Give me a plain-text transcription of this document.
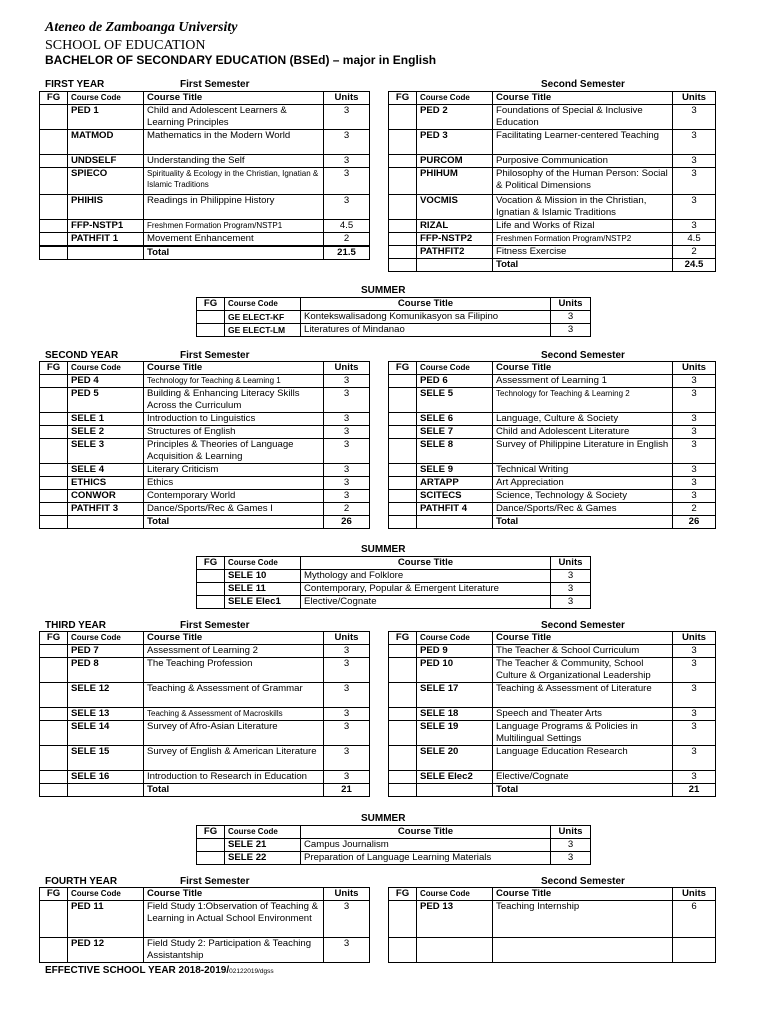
Ateneo de Zamboanga University
SCHOOL OF EDUCATION
BACHELOR OF SECONDARY EDUCATION (BSEd) – major in English
FIRST YEAR	First Semester	Second Semester
FG	Course Code	Course Title	Units
	PED 1	Child and Adolescent Learners & Learning Principles	3
	MATMOD	Mathematics in the Modern World	3
	UNDSELF	Understanding the Self	3
	SPIECO	Spirituality & Ecology in the Christian, Ignatian & Islamic Traditions	3
	PHIHIS	Readings in Philippine History	3
	FFP-NSTP1	Freshmen Formation Program/NSTP1	4.5
	PATHFIT 1	Movement Enhancement	2

		Total	21.5
FG	Course Code	Course Title	Units
	PED 2	Foundations of Special & Inclusive Education	3
	PED 3	Facilitating Learner-centered Teaching	3
	PURCOM	Purposive Communication	3
	PHIHUM	Philosophy of the Human Person: Social & Political Dimensions	3
	VOCMIS	Vocation & Mission in the Christian, Ignatian & Islamic Traditions	3
	RIZAL	Life and Works of Rizal	3
	FFP-NSTP2	Freshmen Formation Program/NSTP2	4.5
	PATHFIT2	Fitness Exercise	2
		Total	24.5
SUMMER
FG	Course Code	Course Title	Units
	GE ELECT-KF	Kontekswalisadong Komunikasyon sa Filipino	3
	GE ELECT-LM	Literatures of Mindanao	3
SECOND YEAR	First Semester	Second Semester
FG	Course Code	Course Title	Units
	PED 4	Technology for Teaching & Learning 1	3
	PED 5	Building & Enhancing Literacy Skills Across the Curriculum	3
	SELE 1	Introduction to Linguistics	3
	SELE 2	Structures of English	3
	SELE 3	Principles & Theories of Language Acquisition & Learning	3
	SELE 4	Literary Criticism	3
	ETHICS	Ethics	3
	CONWOR	Contemporary World	3
	PATHFIT 3	Dance/Sports/Rec & Games I	2
		Total	26
FG	Course Code	Course Title	Units
	PED 6	Assessment of Learning 1	3
	SELE 5	Technology for Teaching & Learning 2	3
	SELE 6	Language, Culture & Society	3
	SELE 7	Child and Adolescent Literature	3
	SELE 8	Survey of Philippine Literature in English	3
	SELE 9	Technical Writing	3
	ARTAPP	Art Appreciation	3
	SCITECS	Science, Technology & Society	3
	PATHFIT 4	Dance/Sports/Rec & Games	2
		Total	26
SUMMER
FG	Course Code	Course Title	Units
	SELE 10	Mythology and Folklore	3
	SELE 11	Contemporary, Popular & Emergent Literature	3
	SELE Elec1	Elective/Cognate	3
THIRD YEAR	First Semester	Second Semester
FG	Course Code	Course Title	Units
	PED 7	Assessment of Learning 2	3
	PED 8	The Teaching Profession	3
	SELE 12	Teaching & Assessment of Grammar	3
	SELE 13	Teaching & Assessment of Macroskills	3
	SELE 14	Survey of Afro-Asian Literature	3
	SELE 15	Survey of English & American Literature	3
	SELE 16	Introduction to Research in Education	3
		Total	21
FG	Course Code	Course Title	Units
	PED 9	The Teacher & School Curriculum	3
	PED 10	The Teacher & Community, School Culture & Organizational Leadership	3
	SELE 17	Teaching & Assessment of Literature	3
	SELE 18	Speech and Theater Arts	3
	SELE 19	Language Programs & Policies in Multilingual Settings	3
	SELE 20	Language Education Research	3
	SELE Elec2	Elective/Cognate	3
		Total	21
SUMMER
FG	Course Code	Course Title	Units
	SELE 21	Campus Journalism	3
	SELE 22	Preparation of Language Learning Materials	3
FOURTH YEAR	First Semester	Second Semester
FG	Course Code	Course Title	Units
	PED 11	Field Study 1:Observation of Teaching & Learning in Actual School Environment	3
	PED 12	Field Study 2: Participation & Teaching Assistantship	3
FG	Course Code	Course Title	Units
	PED 13	Teaching Internship	6

EFFECTIVE SCHOOL YEAR 2018-2019/02122019/dgss
